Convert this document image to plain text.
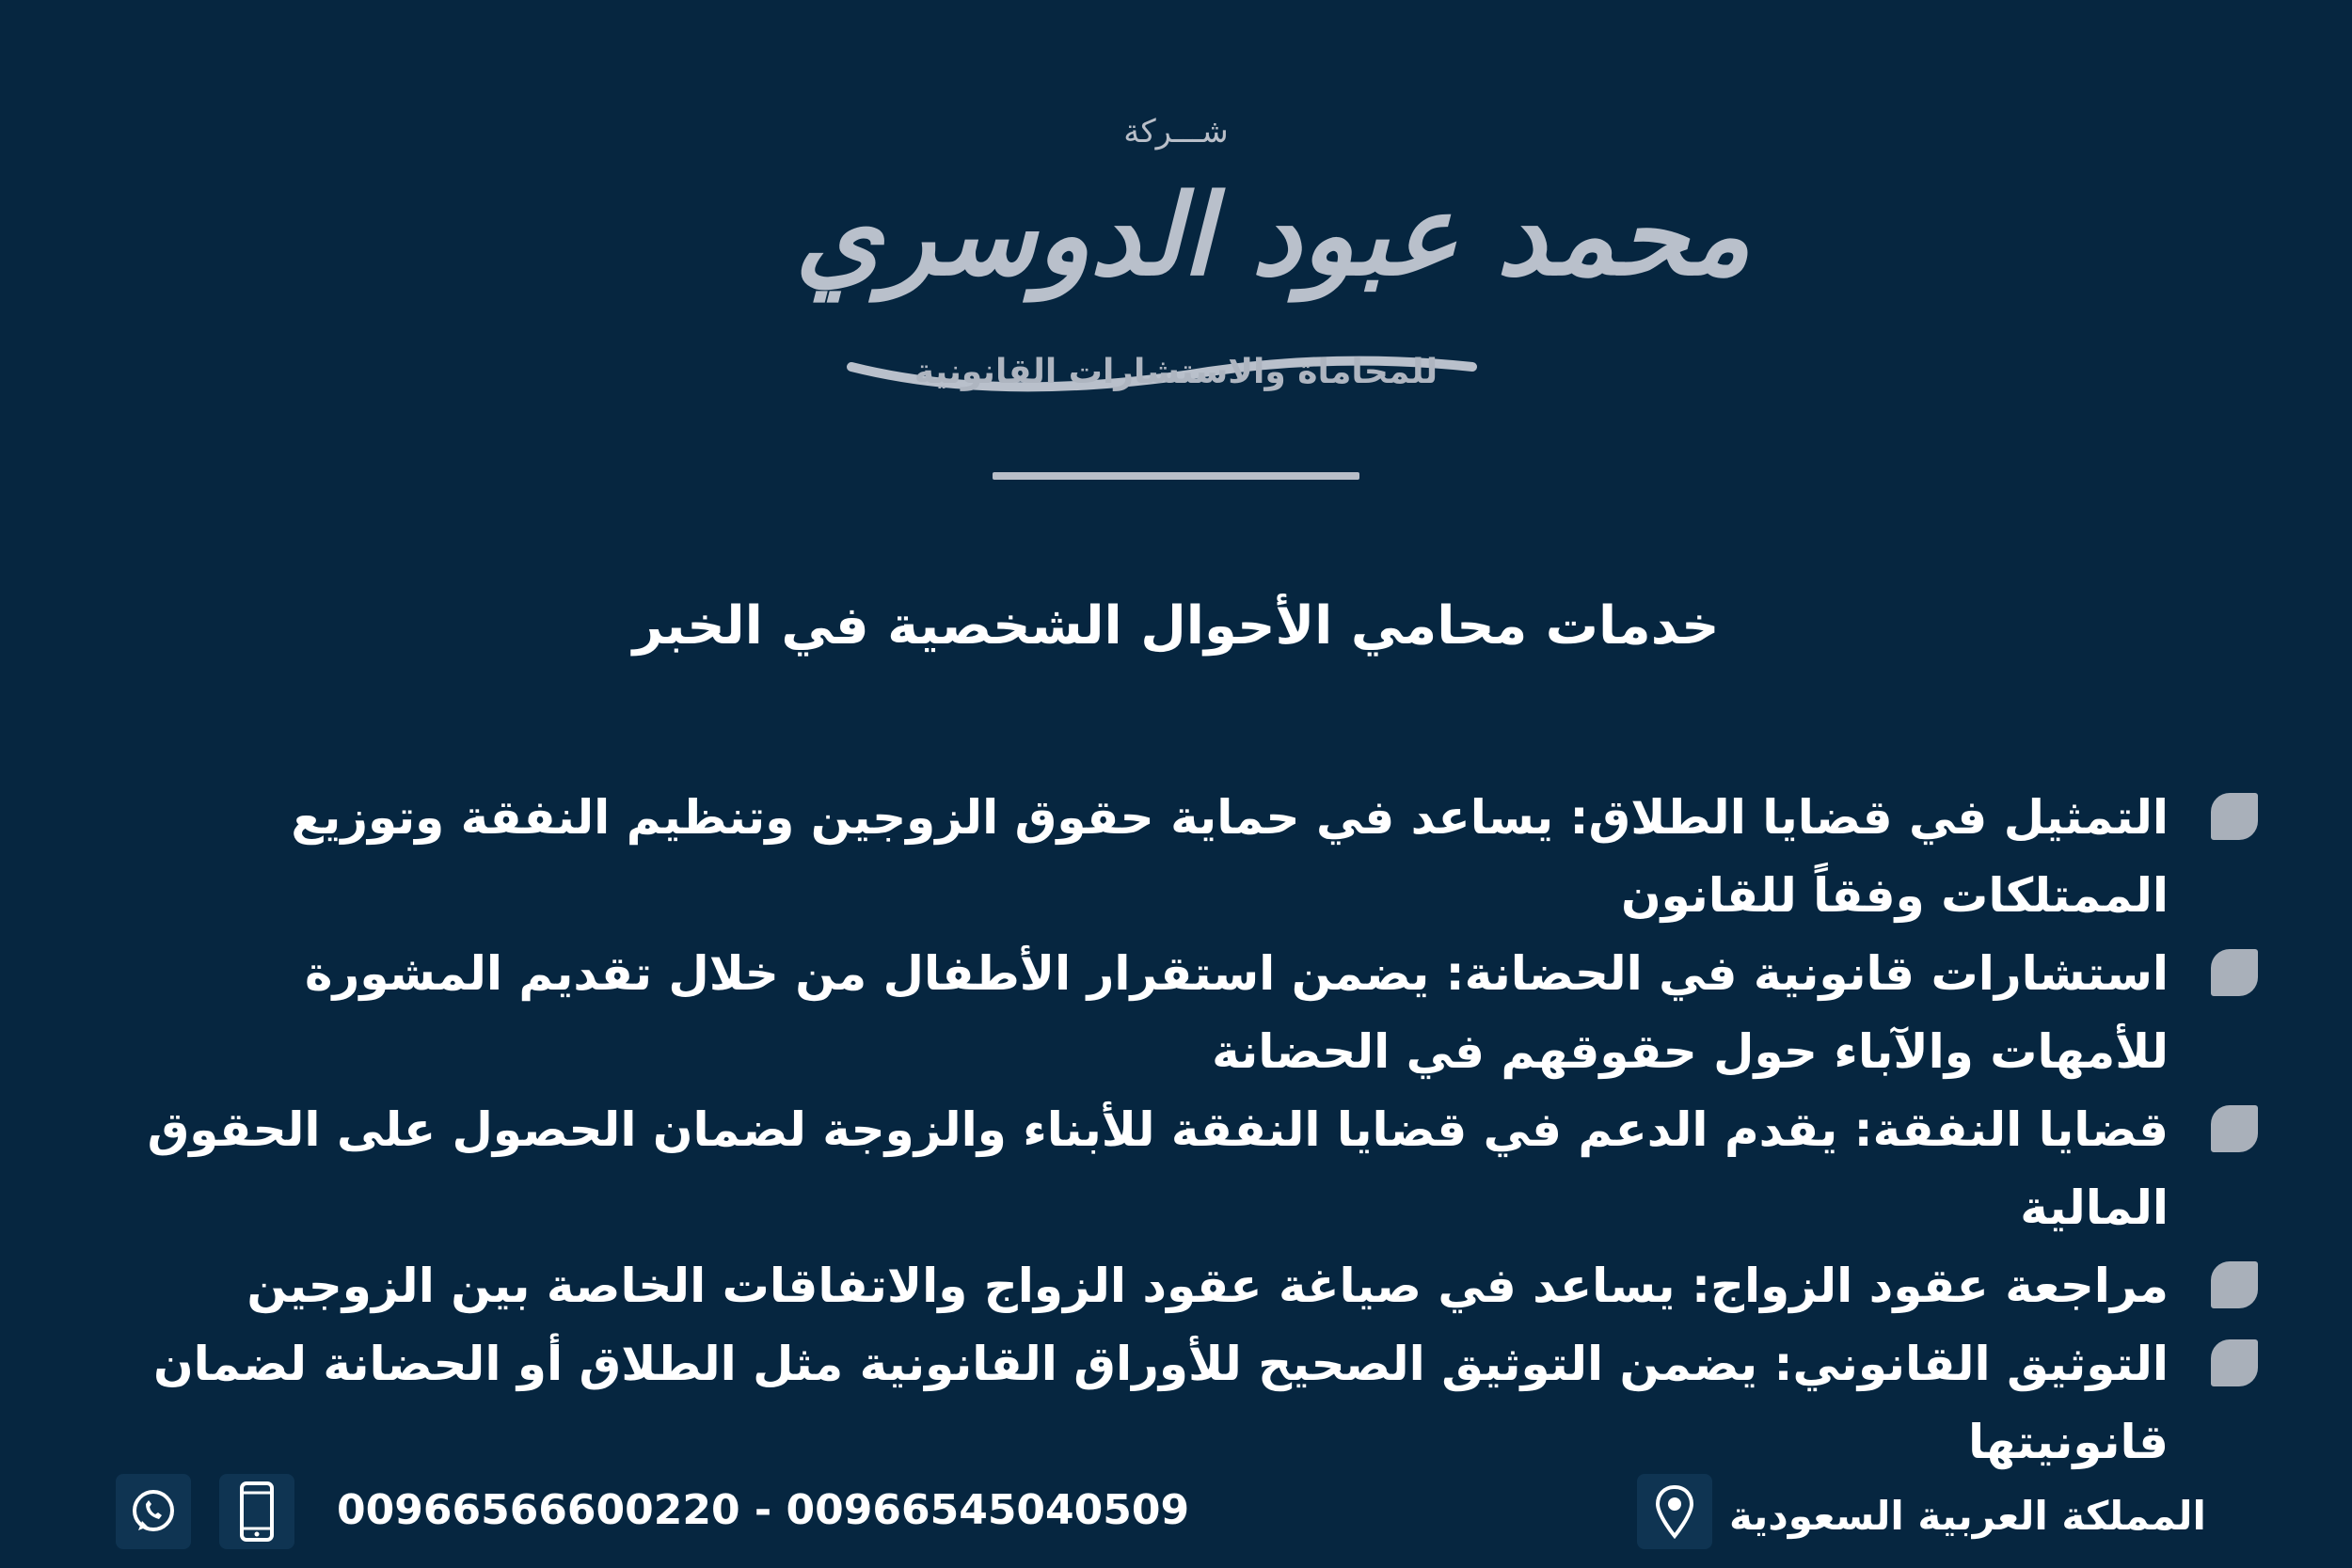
شـــركة
محمد عبود الدوسري
للمحاماة والاستشارات القانونية
خدمات محامي الأحوال الشخصية في الخبر
التمثيل في قضايا الطلاق: يساعد في حماية حقوق الزوجين وتنظيم النفقة وتوزيع الممتلكات وفقاً للقانون
استشارات قانونية في الحضانة: يضمن استقرار الأطفال من خلال تقديم المشورة للأمهات والآباء حول حقوقهم في الحضانة
قضايا النفقة: يقدم الدعم في قضايا النفقة للأبناء والزوجة لضمان الحصول على الحقوق المالية
مراجعة عقود الزواج: يساعد في صياغة عقود الزواج والاتفاقات الخاصة بين الزوجين
التوثيق القانوني: يضمن التوثيق الصحيح للأوراق القانونية مثل الطلاق أو الحضانة لضمان قانونيتها
00966566600220 - 00966545040509	المملكة العربية السعودية
